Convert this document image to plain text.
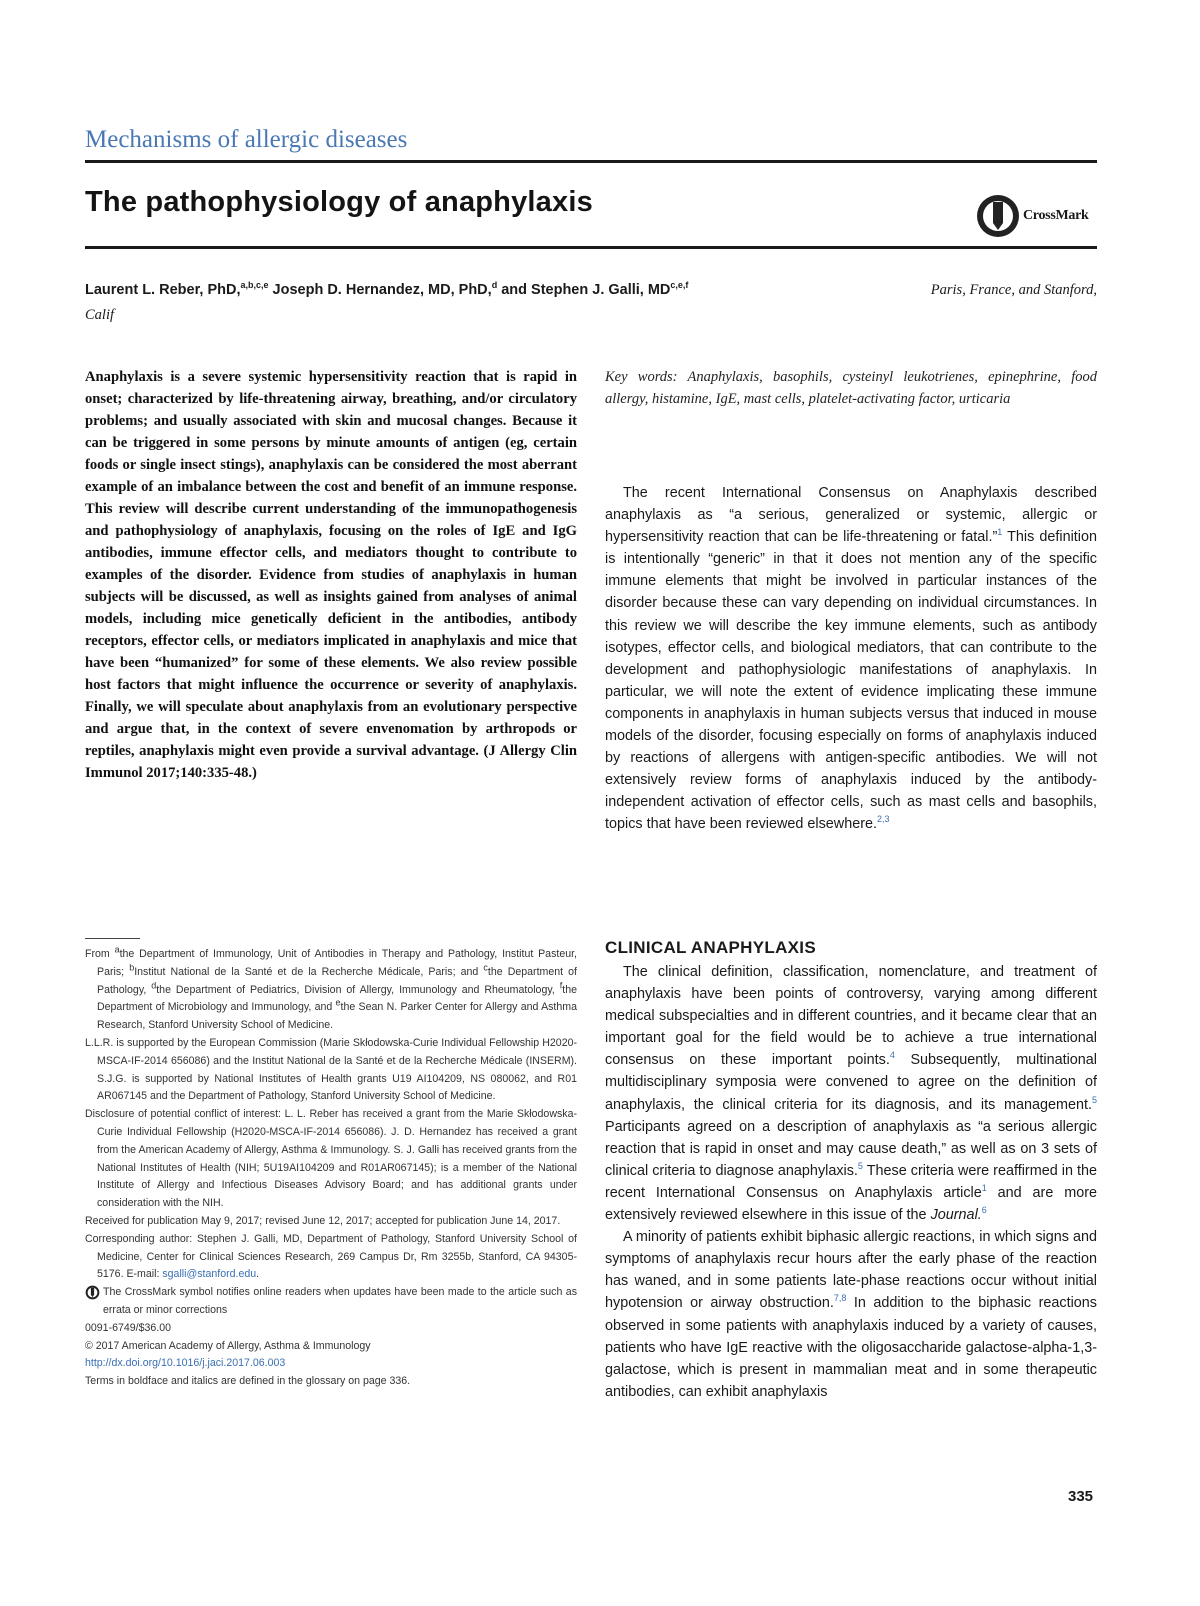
Mechanisms of allergic diseases
The pathophysiology of anaphylaxis	CrossMark
Paris, France, and Stanford,
Laurent L. Reber, PhD,$^{a,b,c,e}$ Joseph D. Hernandez, MD, PhD,$^d$ and Stephen J. Galli, MD$^{c,e,f}$
Calif
Anaphylaxis is a severe systemic hypersensitivity reaction that is rapid in onset; characterized by life-threatening airway, breathing, and/or circulatory problems; and usually associated with skin and mucosal changes. Because it can be triggered in some persons by minute amounts of antigen (eg, certain foods or single insect stings), anaphylaxis can be considered the most aberrant example of an imbalance between the cost and benefit of an immune response. This review will describe current understanding of the immunopathogenesis and pathophysiology of anaphylaxis, focusing on the roles of IgE and IgG antibodies, immune effector cells, and mediators thought to contribute to examples of the disorder. Evidence from studies of anaphylaxis in human subjects will be discussed, as well as insights gained from analyses of animal models, including mice genetically deficient in the antibodies, antibody receptors, effector cells, or mediators implicated in anaphylaxis and mice that have been “humanized” for some of these elements. We also review possible host factors that might influence the occurrence or severity of anaphylaxis. Finally, we will speculate about anaphylaxis from an evolutionary perspective and argue that, in the context of severe envenomation by arthropods or reptiles, anaphylaxis might even provide a survival advantage. (J Allergy Clin Immunol 2017;140:335-48.)
Key words: Anaphylaxis, basophils, cysteinyl leukotrienes, epinephrine, food allergy, histamine, IgE, mast cells, platelet-activating factor, urticaria

The recent International Consensus on Anaphylaxis described anaphylaxis as “a serious, generalized or systemic, allergic or hypersensitivity reaction that can be life-threatening or fatal.”$^1$ This definition is intentionally “generic” in that it does not mention any of the specific immune elements that might be involved in particular instances of the disorder because these can vary depending on individual circumstances. In this review we will describe the key immune elements, such as antibody isotypes, effector cells, and biological mediators, that can contribute to the development and pathophysiologic manifestations of anaphylaxis. In particular, we will note the extent of evidence implicating these immune components in anaphylaxis in human subjects versus that induced in mouse models of the disorder, focusing especially on forms of anaphylaxis induced by reactions of allergens with antigen-specific antibodies. We will not extensively review forms of anaphylaxis induced by the antibody-independent activation of effector cells, such as mast cells and basophils, topics that have been reviewed elsewhere.$^{2,3}$

CLINICAL ANAPHYLAXIS

The clinical definition, classification, nomenclature, and treatment of anaphylaxis have been points of controversy, varying among different medical subspecialties and in different countries, and it became clear that an important goal for the field would be to achieve a true international consensus on these important points.$^4$ Subsequently, multinational multidisciplinary symposia were convened to agree on the definition of anaphylaxis, the clinical criteria for its diagnosis, and its management.$^5$ Participants agreed on a description of anaphylaxis as “a serious allergic reaction that is rapid in onset and may cause death,” as well as on 3 sets of clinical criteria to diagnose anaphylaxis.$^5$ These criteria were reaffirmed in the recent International Consensus on Anaphylaxis article$^1$ and are more extensively reviewed elsewhere in this issue of the Journal.$^6$

A minority of patients exhibit biphasic allergic reactions, in which signs and symptoms of anaphylaxis recur hours after the early phase of the reaction has waned, and in some patients late-phase reactions occur without initial hypotension or airway obstruction.$^{7,8}$ In addition to the biphasic reactions observed in some patients with anaphylaxis induced by a variety of causes, patients who have IgE reactive with the oligosaccharide galactose-alpha-1,3-galactose, which is present in mammalian meat and in some therapeutic antibodies, can exhibit anaphylaxis

From $^a$the Department of Immunology, Unit of Antibodies in Therapy and Pathology, Institut Pasteur, Paris; $^b$Institut National de la Santé et de la Recherche Médicale, Paris; and $^c$the Department of Pathology, $^d$the Department of Pediatrics, Division of Allergy, Immunology and Rheumatology, $^f$the Department of Microbiology and Immunology, and $^e$the Sean N. Parker Center for Allergy and Asthma Research, Stanford University School of Medicine.

L.L.R. is supported by the European Commission (Marie Skłodowska-Curie Individual Fellowship H2020-MSCA-IF-2014 656086) and the Institut National de la Santé et de la Recherche Médicale (INSERM). S.J.G. is supported by National Institutes of Health grants U19 AI104209, NS 080062, and R01 AR067145 and the Department of Pathology, Stanford University School of Medicine.

Disclosure of potential conflict of interest: L. L. Reber has received a grant from the Marie Skłodowska-Curie Individual Fellowship (H2020-MSCA-IF-2014 656086). J. D. Hernandez has received a grant from the American Academy of Allergy, Asthma & Immunology. S. J. Galli has received grants from the National Institutes of Health (NIH; 5U19AI104209 and R01AR067145); is a member of the National Institute of Allergy and Infectious Diseases Advisory Board; and has additional grants under consideration with the NIH.

Received for publication May 9, 2017; revised June 12, 2017; accepted for publication June 14, 2017.

Corresponding author: Stephen J. Galli, MD, Department of Pathology, Stanford University School of Medicine, Center for Clinical Sciences Research, 269 Campus Dr, Rm 3255b, Stanford, CA 94305-5176. E-mail: sgalli@stanford.edu.

The CrossMark symbol notifies online readers when updates have been made to the article such as errata or minor corrections

0091-6749/$36.00

© 2017 American Academy of Allergy, Asthma & Immunology

http://dx.doi.org/10.1016/j.jaci.2017.06.003

Terms in boldface and italics are defined in the glossary on page 336.

335
